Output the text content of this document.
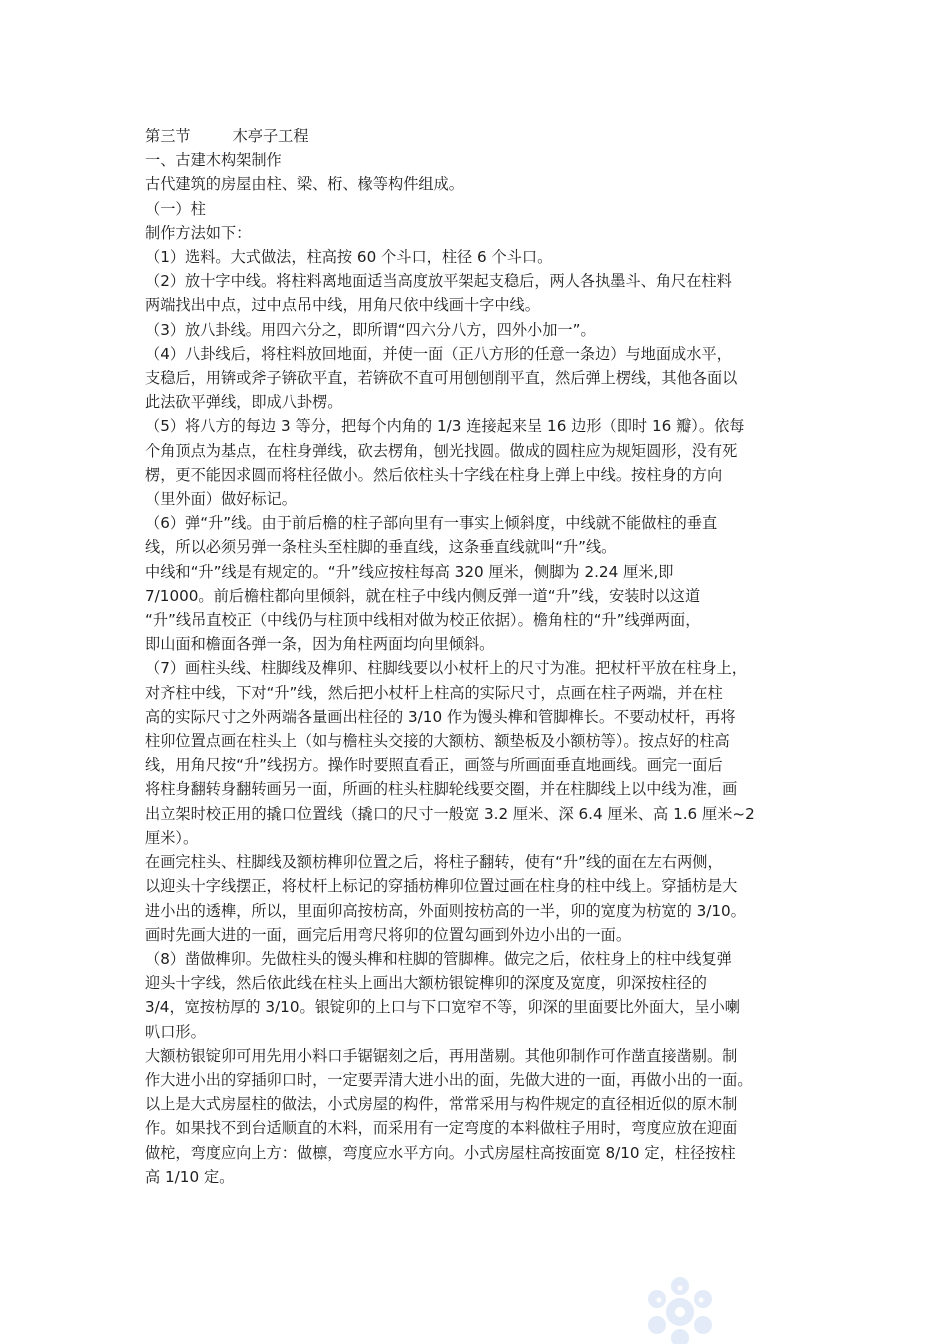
第三节	木亭子工程
一、古建木构架制作
古代建筑的房屋由柱、梁、桁、椽等构件组成。
（一）柱
制作方法如下：
（1）选料。大式做法，柱高按 60 个斗口，柱径 6 个斗口。
（2）放十字中线。将柱料离地面适当高度放平架起支稳后，两人各执墨斗、角尺在柱料
两端找出中点，过中点吊中线，用角尺依中线画十字中线。
（3）放八卦线。用四六分之，即所谓“四六分八方，四外小加一”。
（4）八卦线后，将柱料放回地面，并使一面（正八方形的任意一条边）与地面成水平，
支稳后，用锛或斧子锛砍平直，若锛砍不直可用刨刨削平直，然后弹上楞线，其他各面以
此法砍平弹线，即成八卦楞。
（5）将八方的每边 3 等分，把每个内角的 1/3 连接起来呈 16 边形（即时 16 瓣）。依每
个角顶点为基点，在柱身弹线，砍去楞角，刨光找圆。做成的圆柱应为规矩圆形，没有死
楞，更不能因求圆而将柱径做小。然后依柱头十字线在柱身上弹上中线。按柱身的方向
（里外面）做好标记。
（6）弹“升”线。由于前后檐的柱子部向里有一事实上倾斜度，中线就不能做柱的垂直
线，所以必须另弹一条柱头至柱脚的垂直线，这条垂直线就叫“升”线。
中线和“升”线是有规定的。“升”线应按柱每高 320 厘米，侧脚为 2.24 厘米,即
7/1000。前后檐柱都向里倾斜，就在柱子中线内侧反弹一道“升”线，安装时以这道
“升”线吊直校正（中线仍与柱顶中线相对做为校正依据）。檐角柱的“升”线弹两面，
即山面和檐面各弹一条，因为角柱两面均向里倾斜。
（7）画柱头线、柱脚线及榫卯、柱脚线要以小杖杆上的尺寸为准。把杖杆平放在柱身上，
对齐柱中线，下对“升”线，然后把小杖杆上柱高的实际尺寸，点画在柱子两端，并在柱
高的实际尺寸之外两端各量画出柱径的 3/10 作为馒头榫和管脚榫长。不要动杖杆，再将
柱卯位置点画在柱头上（如与檐柱头交接的大额枋、额垫板及小额枋等）。按点好的柱高
线，用角尺按“升”线拐方。操作时要照直看正，画签与所画面垂直地画线。画完一面后
将柱身翻转身翻转画另一面，所画的柱头柱脚轮线要交圈，并在柱脚线上以中线为准，画
出立架时校正用的撬口位置线（撬口的尺寸一般宽 3.2 厘米、深 6.4 厘米、高 1.6 厘米~2
厘米）。
在画完柱头、柱脚线及额枋榫卯位置之后，将柱子翻转，使有“升”线的面在左右两侧，
以迎头十字线摆正，将杖杆上标记的穿插枋榫卯位置过画在柱身的柱中线上。穿插枋是大
进小出的透榫，所以，里面卯高按枋高，外面则按枋高的一半，卯的宽度为枋宽的 3/10。
画时先画大进的一面，画完后用弯尺将卯的位置勾画到外边小出的一面。
（8）凿做榫卯。先做柱头的馒头榫和柱脚的管脚榫。做完之后，依柱身上的柱中线复弹
迎头十字线，然后依此线在柱头上画出大额枋银锭榫卯的深度及宽度，卯深按柱径的
3/4，宽按枋厚的 3/10。银锭卯的上口与下口宽窄不等，卯深的里面要比外面大，呈小喇
叭口形。
大额枋银锭卯可用先用小料口手锯锯刻之后，再用凿剔。其他卯制作可作凿直接凿剔。制
作大进小出的穿插卯口时，一定要弄清大进小出的面，先做大进的一面，再做小出的一面。
以上是大式房屋柱的做法，小式房屋的构件，常常采用与构件规定的直径相近似的原木制
作。如果找不到台适顺直的木料，而采用有一定弯度的本料做柱子用时，弯度应放在迎面
做柁，弯度应向上方：做檩，弯度应水平方向。小式房屋柱高按面宽 8/10 定，柱径按柱
高 1/10 定。
